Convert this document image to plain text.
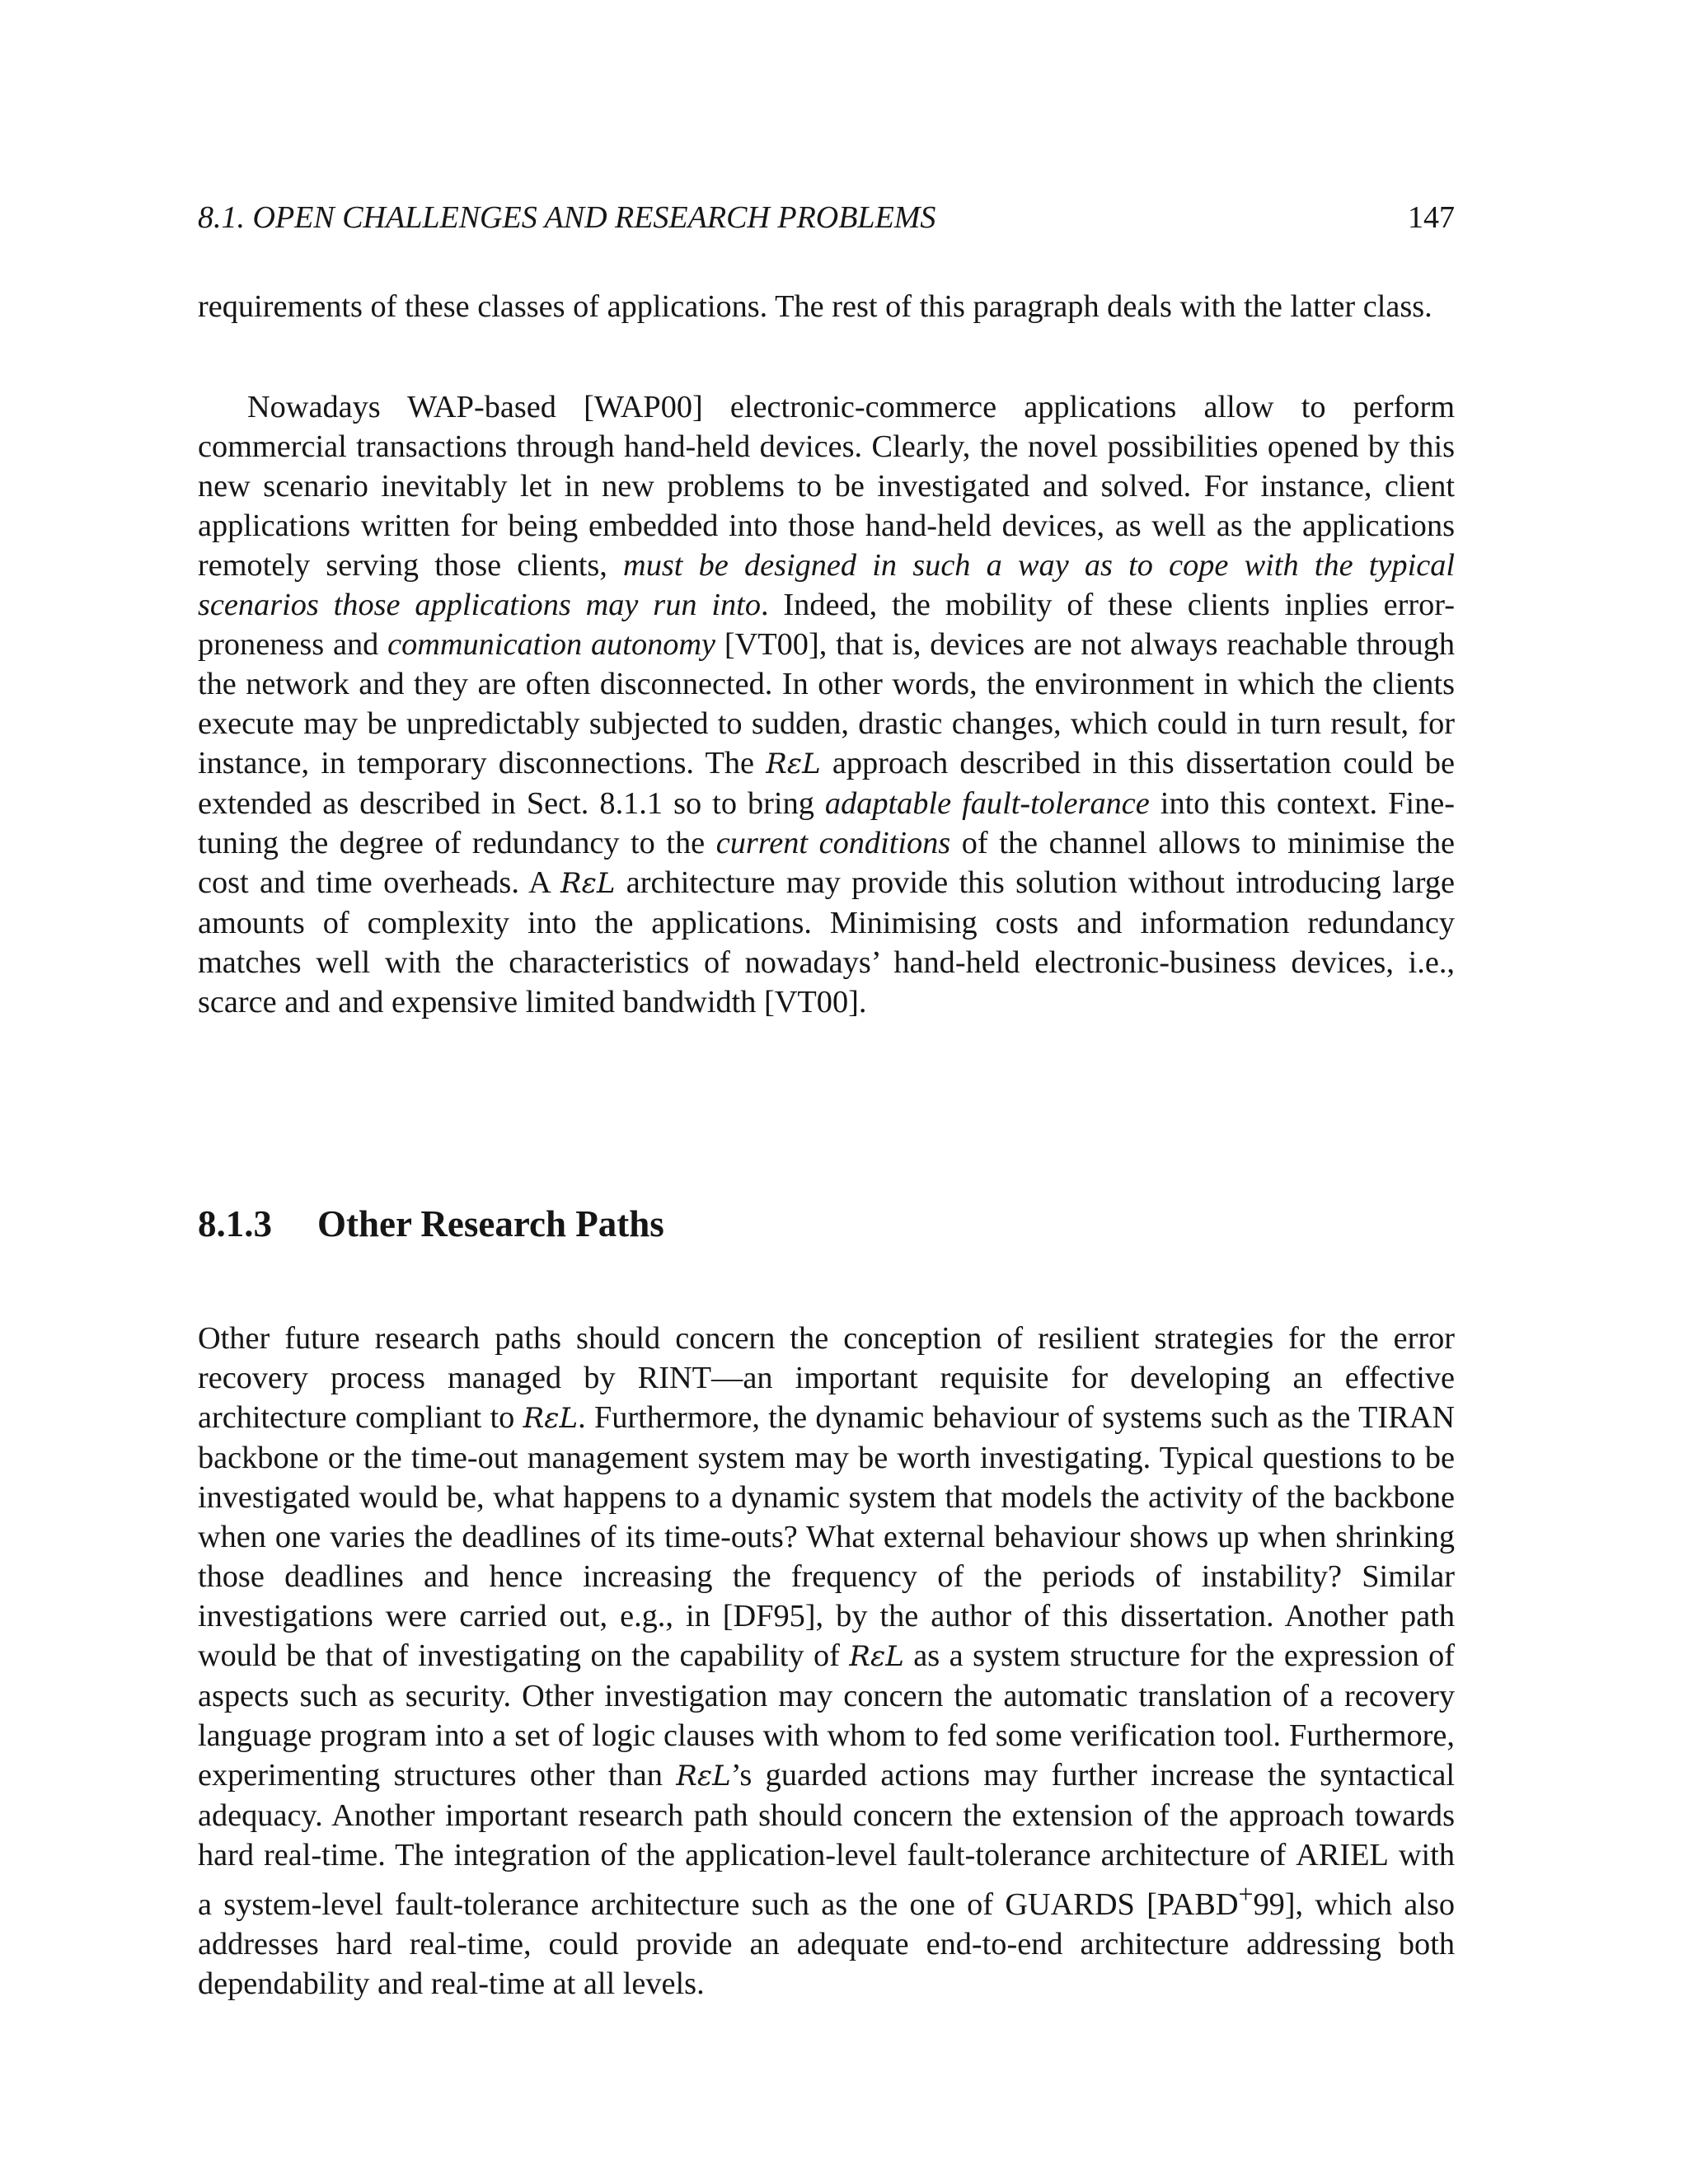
8.1. OPEN CHALLENGES AND RESEARCH PROBLEMS	147
requirements of these classes of applications. The rest of this paragraph deals with the latter class.
Nowadays WAP-based [WAP00] electronic-commerce applications allow to perform commercial transactions through hand-held devices. Clearly, the novel possibilities opened by this new scenario inevitably let in new problems to be investigated and solved. For instance, client applications written for being embedded into those hand-held devices, as well as the applications remotely serving those clients, must be designed in such a way as to cope with the typical scenarios those applications may run into. Indeed, the mobility of these clients inplies error-proneness and communication autonomy [VT00], that is, devices are not always reachable through the network and they are often disconnected. In other words, the environment in which the clients execute may be unpredictably subjected to sudden, drastic changes, which could in turn result, for instance, in temporary disconnections. The RεL approach described in this dissertation could be extended as described in Sect. 8.1.1 so to bring adaptable fault-tolerance into this context. Fine-tuning the degree of redundancy to the current conditions of the channel allows to minimise the cost and time overheads. A RεL architecture may provide this solution without introducing large amounts of complexity into the applications. Minimising costs and information redundancy matches well with the characteristics of nowadays’ hand-held electronic-business devices, i.e., scarce and and expensive limited bandwidth [VT00].
8.1.3 Other Research Paths
Other future research paths should concern the conception of resilient strategies for the error recovery process managed by RINT—an important requisite for developing an effective architecture compliant to RεL. Furthermore, the dynamic behaviour of systems such as the TIRAN backbone or the time-out management system may be worth investigating. Typical questions to be investigated would be, what happens to a dynamic system that models the activity of the backbone when one varies the deadlines of its time-outs? What external behaviour shows up when shrinking those deadlines and hence increasing the frequency of the periods of instability? Similar investigations were carried out, e.g., in [DF95], by the author of this dissertation. Another path would be that of investigating on the capability of RεL as a system structure for the expression of aspects such as security. Other investigation may concern the automatic translation of a recovery language program into a set of logic clauses with whom to fed some verification tool. Furthermore, experimenting structures other than RεL’s guarded actions may further increase the syntactical adequacy. Another important research path should concern the extension of the approach towards hard real-time. The integration of the application-level fault-tolerance architecture of ARIEL with a system-level fault-tolerance architecture such as the one of GUARDS [PABD+99], which also addresses hard real-time, could provide an adequate end-to-end architecture addressing both dependability and real-time at all levels.
